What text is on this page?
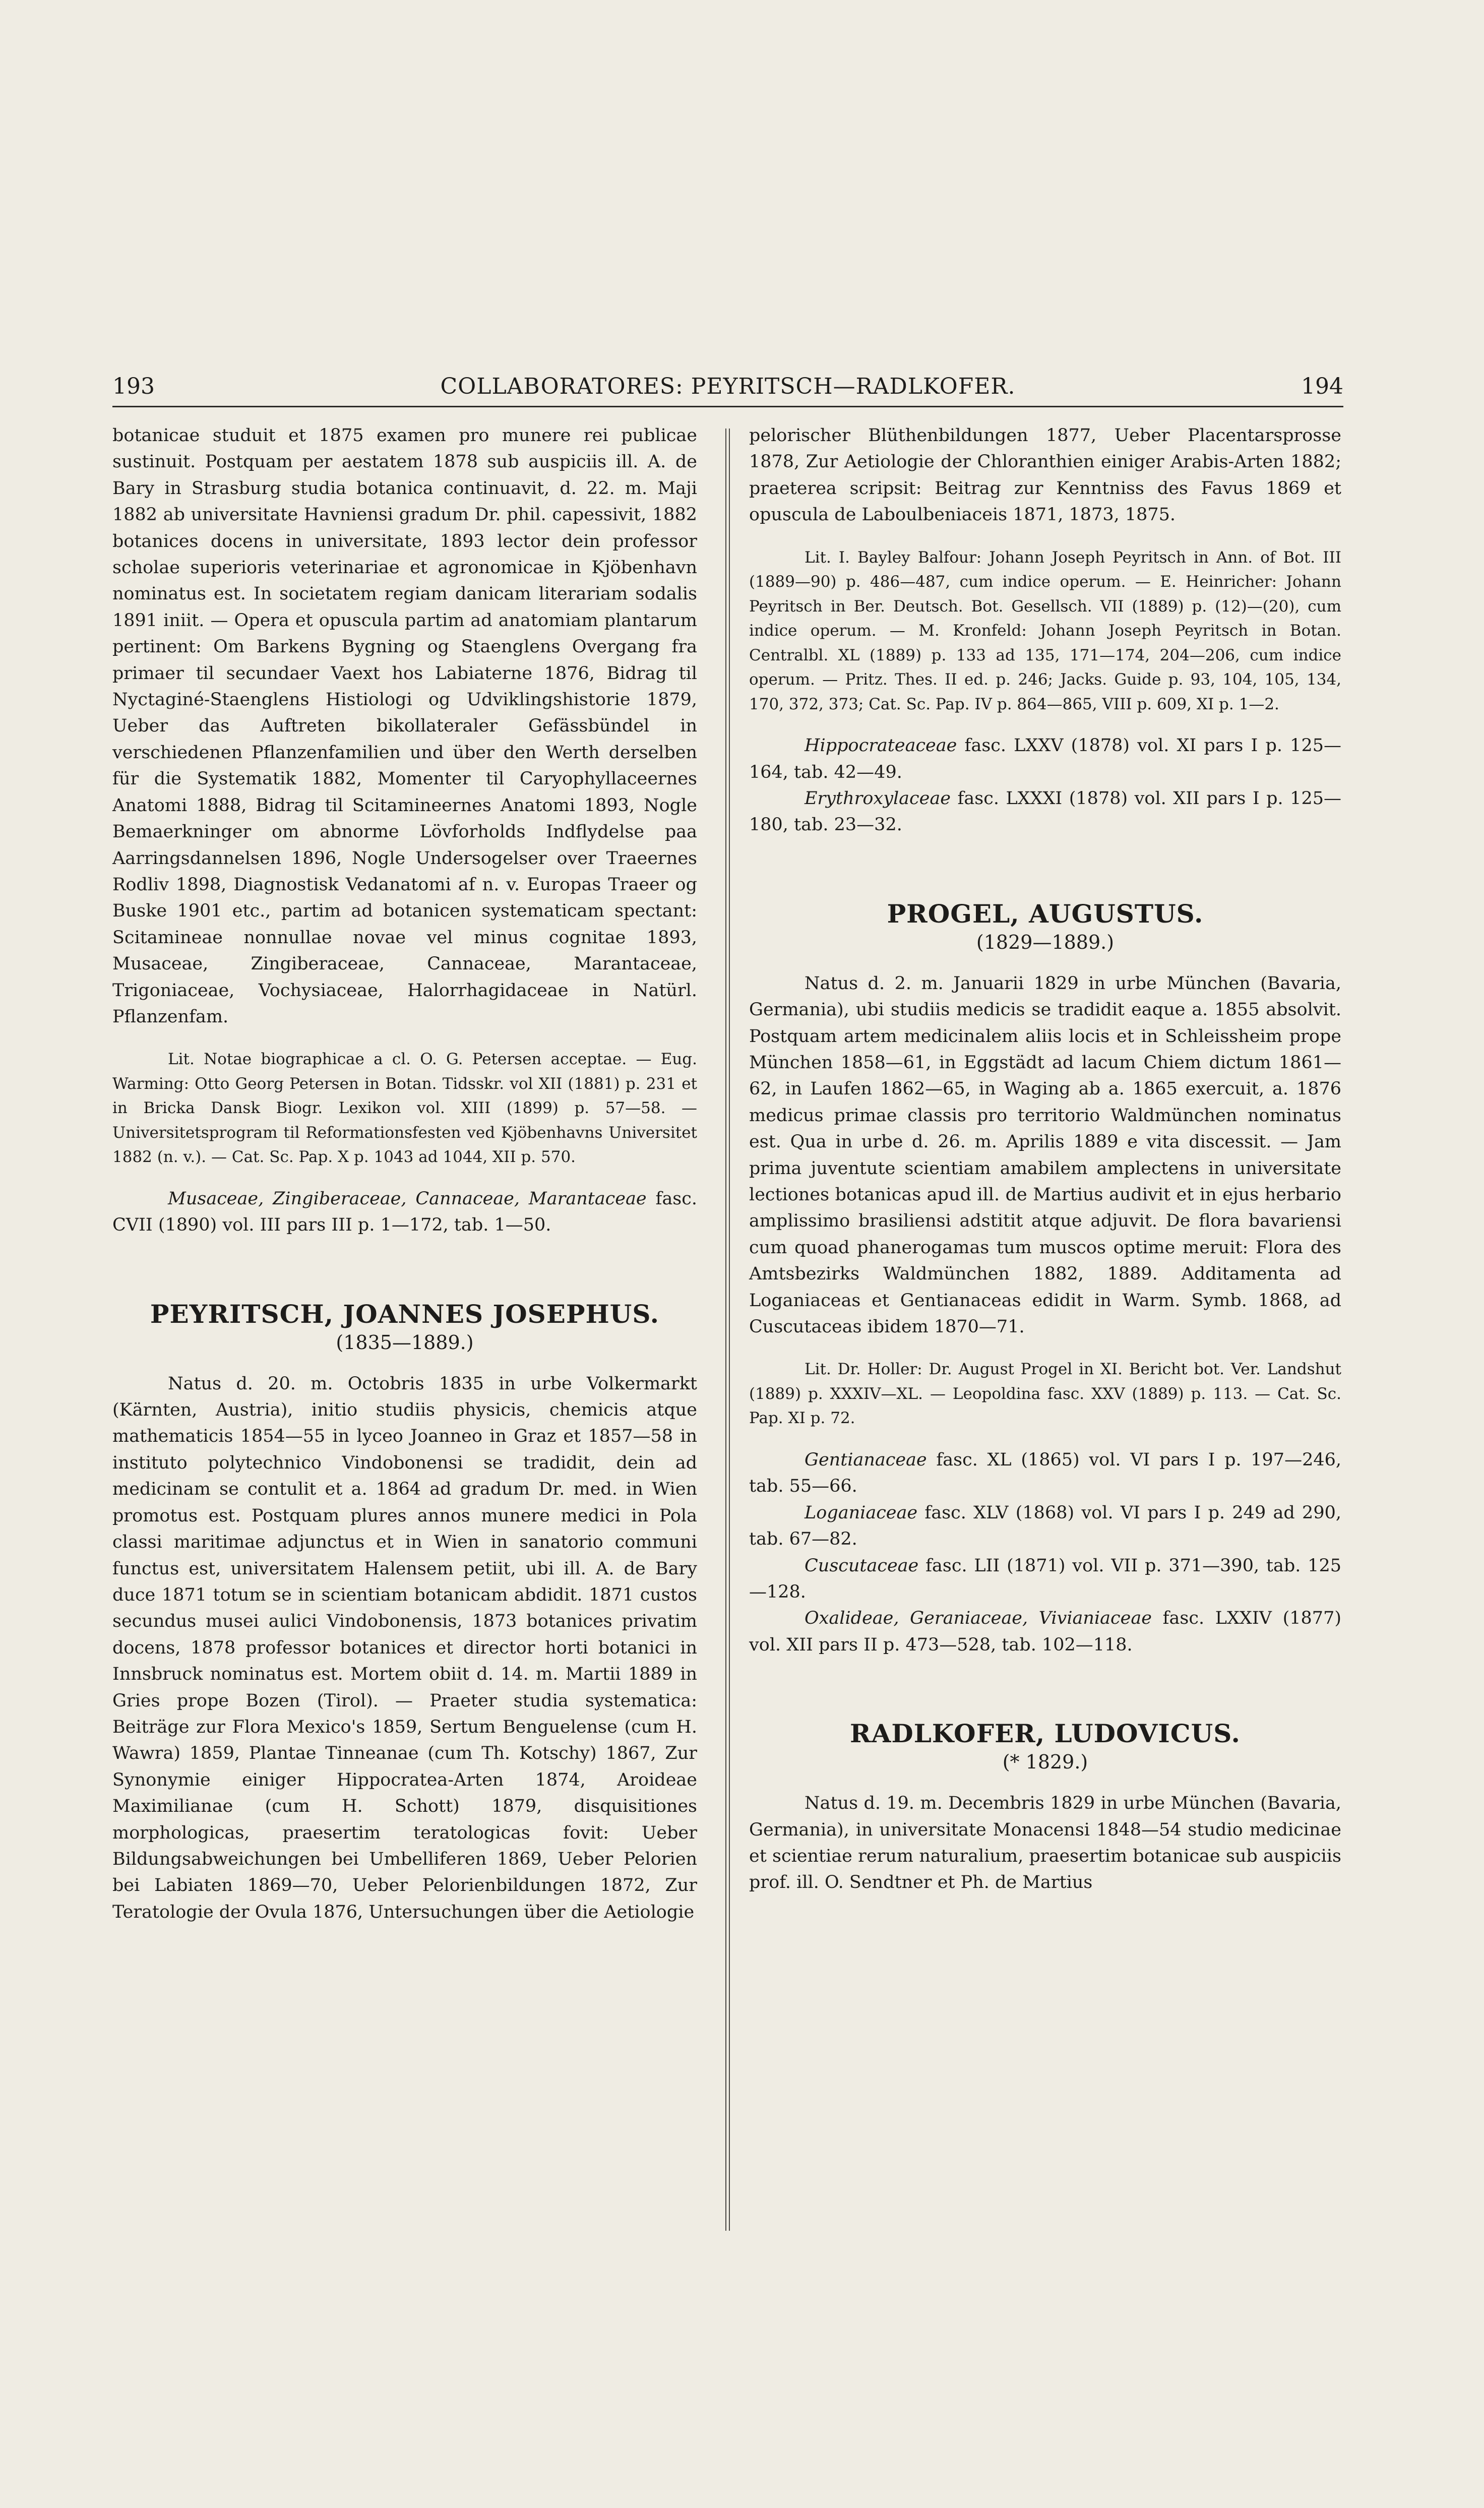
193	COLLABORATORES: PEYRITSCH—RADLKOFER.	194

botanicae studuit et 1875 examen pro munere rei publicae sustinuit. Postquam per aestatem 1878 sub auspiciis ill. A. de Bary in Strasburg studia botanica continuavit, d. 22. m. Maji 1882 ab universitate Havniensi gradum Dr. phil. capessivit, 1882 botanices docens in universitate, 1893 lector dein professor scholae superioris veterinariae et agronomicae in Kjöbenhavn nominatus est. In societatem regiam danicam literariam sodalis 1891 iniit. — Opera et opuscula partim ad anatomiam plantarum pertinent: Om Barkens Bygning og Staenglens Overgang fra primaer til secundaer Vaext hos Labiaterne 1876, Bidrag til Nyctaginé-Staenglens Histiologi og Udviklingshistorie 1879, Ueber das Auftreten bikollateraler Gefässbündel in verschiedenen Pflanzenfamilien und über den Werth derselben für die Systematik 1882, Momenter til Caryophyllaceernes Anatomi 1888, Bidrag til Scitamineernes Anatomi 1893, Nogle Bemaerkninger om abnorme Lövforholds Indflydelse paa Aarringsdannelsen 1896, Nogle Undersogelser over Traeernes Rodliv 1898, Diagnostisk Vedanatomi af n. v. Europas Traeer og Buske 1901 etc., partim ad botanicen systematicam spectant: Scitamineae nonnullae novae vel minus cognitae 1893, Musaceae, Zingiberaceae, Cannaceae, Marantaceae, Trigoniaceae, Vochysiaceae, Halorrhagidaceae in Natürl. Pflanzenfam.

Lit. Notae biographicae a cl. O. G. Petersen acceptae. — Eug. Warming: Otto Georg Petersen in Botan. Tidsskr. vol XII (1881) p. 231 et in Bricka Dansk Biogr. Lexikon vol. XIII (1899) p. 57—58. — Universitetsprogram til Reformationsfesten ved Kjöbenhavns Universitet 1882 (n. v.). — Cat. Sc. Pap. X p. 1043 ad 1044, XII p. 570.

Musaceae, Zingiberaceae, Cannaceae, Marantaceae fasc. CVII (1890) vol. III pars III p. 1—172, tab. 1—50.

PEYRITSCH, JOANNES JOSEPHUS.
(1835—1889.)

Natus d. 20. m. Octobris 1835 in urbe Volkermarkt (Kärnten, Austria), initio studiis physicis, chemicis atque mathematicis 1854—55 in lyceo Joanneo in Graz et 1857—58 in instituto polytechnico Vindobonensi se tradidit, dein ad medicinam se contulit et a. 1864 ad gradum Dr. med. in Wien promotus est. Postquam plures annos munere medici in Pola classi maritimae adjunctus et in Wien in sanatorio communi functus est, universitatem Halensem petiit, ubi ill. A. de Bary duce 1871 totum se in scientiam botanicam abdidit. 1871 custos secundus musei aulici Vindobonensis, 1873 botanices privatim docens, 1878 professor botanices et director horti botanici in Innsbruck nominatus est. Mortem obiit d. 14. m. Martii 1889 in Gries prope Bozen (Tirol). — Praeter studia systematica: Beiträge zur Flora Mexico's 1859, Sertum Benguelense (cum H. Wawra) 1859, Plantae Tinneanae (cum Th. Kotschy) 1867, Zur Synonymie einiger Hippocratea-Arten 1874, Aroideae Maximilianae (cum H. Schott) 1879, disquisitiones morphologicas, praesertim teratologicas fovit: Ueber Bildungsabweichungen bei Umbelliferen 1869, Ueber Pelorien bei Labiaten 1869—70, Ueber Pelorienbildungen 1872, Zur Teratologie der Ovula 1876, Untersuchungen über die Aetiologie

pelorischer Blüthenbildungen 1877, Ueber Placentarsprosse 1878, Zur Aetiologie der Chloranthien einiger Arabis-Arten 1882; praeterea scripsit: Beitrag zur Kenntniss des Favus 1869 et opuscula de Laboulbeniaceis 1871, 1873, 1875.

Lit. I. Bayley Balfour: Johann Joseph Peyritsch in Ann. of Bot. III (1889—90) p. 486—487, cum indice operum. — E. Heinricher: Johann Peyritsch in Ber. Deutsch. Bot. Gesellsch. VII (1889) p. (12)—(20), cum indice operum. — M. Kronfeld: Johann Joseph Peyritsch in Botan. Centralbl. XL (1889) p. 133 ad 135, 171—174, 204—206, cum indice operum. — Pritz. Thes. II ed. p. 246; Jacks. Guide p. 93, 104, 105, 134, 170, 372, 373; Cat. Sc. Pap. IV p. 864—865, VIII p. 609, XI p. 1—2.

Hippocrateaceae fasc. LXXV (1878) vol. XI pars I p. 125—164, tab. 42—49.

Erythroxylaceae fasc. LXXXI (1878) vol. XII pars I p. 125—180, tab. 23—32.

PROGEL, AUGUSTUS.
(1829—1889.)

Natus d. 2. m. Januarii 1829 in urbe München (Bavaria, Germania), ubi studiis medicis se tradidit eaque a. 1855 absolvit. Postquam artem medicinalem aliis locis et in Schleissheim prope München 1858—61, in Eggstädt ad lacum Chiem dictum 1861—62, in Laufen 1862—65, in Waging ab a. 1865 exercuit, a. 1876 medicus primae classis pro territorio Waldmünchen nominatus est. Qua in urbe d. 26. m. Aprilis 1889 e vita discessit. — Jam prima juventute scientiam amabilem amplectens in universitate lectiones botanicas apud ill. de Martius audivit et in ejus herbario amplissimo brasiliensi adstitit atque adjuvit. De flora bavariensi cum quoad phanerogamas tum muscos optime meruit: Flora des Amtsbezirks Waldmünchen 1882, 1889. Additamenta ad Loganiaceas et Gentianaceas edidit in Warm. Symb. 1868, ad Cuscutaceas ibidem 1870—71.

Lit. Dr. Holler: Dr. August Progel in XI. Bericht bot. Ver. Landshut (1889) p. XXXIV—XL. — Leopoldina fasc. XXV (1889) p. 113. — Cat. Sc. Pap. XI p. 72.

Gentianaceae fasc. XL (1865) vol. VI pars I p. 197—246, tab. 55—66.

Loganiaceae fasc. XLV (1868) vol. VI pars I p. 249 ad 290, tab. 67—82.

Cuscutaceae fasc. LII (1871) vol. VII p. 371—390, tab. 125—128.

Oxalideae, Geraniaceae, Vivianiaceae fasc. LXXIV (1877) vol. XII pars II p. 473—528, tab. 102—118.

RADLKOFER, LUDOVICUS.
(* 1829.)

Natus d. 19. m. Decembris 1829 in urbe München (Bavaria, Germania), in universitate Monacensi 1848—54 studio medicinae et scientiae rerum naturalium, praesertim botanicae sub auspiciis prof. ill. O. Sendtner et Ph. de Martius
